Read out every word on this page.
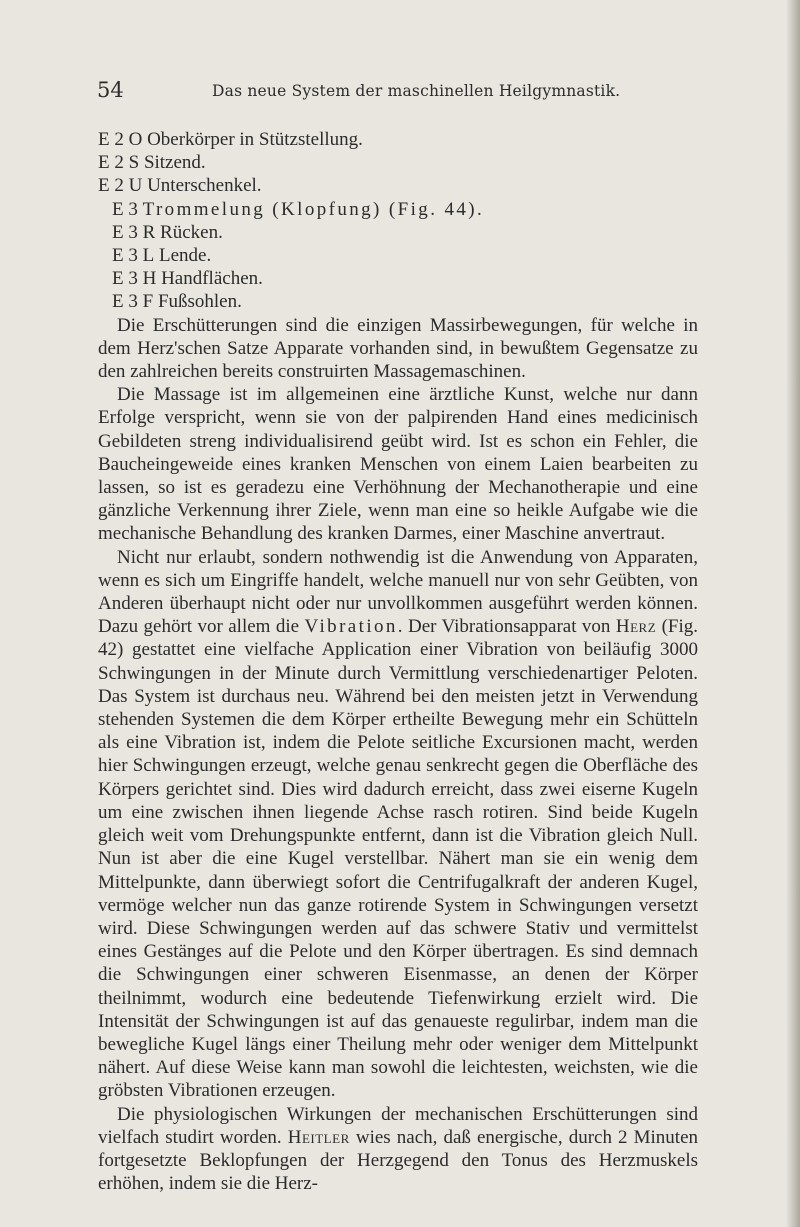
54	Das neue System der maschinellen Heilgymnastik.
E 2 O Oberkörper in Stützstellung.
E 2 S Sitzend.
E 2 U Unterschenkel.
E 3 Trommelung (Klopfung) (Fig. 44).
E 3 R Rücken.
E 3 L Lende.
E 3 H Handflächen.
E 3 F Fußsohlen.

Die Erschütterungen sind die einzigen Massirbewegungen, für welche in dem Herz'schen Satze Apparate vorhanden sind, in bewußtem Gegensatze zu den zahlreichen bereits construirten Massagemaschinen.

Die Massage ist im allgemeinen eine ärztliche Kunst, welche nur dann Erfolge verspricht, wenn sie von der palpirenden Hand eines medicinisch Gebildeten streng individualisirend geübt wird. Ist es schon ein Fehler, die Baucheingeweide eines kranken Menschen von einem Laien bearbeiten zu lassen, so ist es geradezu eine Verhöhnung der Mechanotherapie und eine gänzliche Verkennung ihrer Ziele, wenn man eine so heikle Aufgabe wie die mechanische Behandlung des kranken Darmes, einer Maschine anvertraut.

Nicht nur erlaubt, sondern nothwendig ist die Anwendung von Apparaten, wenn es sich um Eingriffe handelt, welche manuell nur von sehr Geübten, von Anderen überhaupt nicht oder nur unvollkommen ausgeführt werden können. Dazu gehört vor allem die Vibration. Der Vibrationsapparat von Herz (Fig. 42) gestattet eine vielfache Application einer Vibration von beiläufig 3000 Schwingungen in der Minute durch Vermittlung verschiedenartiger Peloten. Das System ist durchaus neu. Während bei den meisten jetzt in Verwendung stehenden Systemen die dem Körper ertheilte Bewegung mehr ein Schütteln als eine Vibration ist, indem die Pelote seitliche Excursionen macht, werden hier Schwingungen erzeugt, welche genau senkrecht gegen die Oberfläche des Körpers gerichtet sind. Dies wird dadurch erreicht, dass zwei eiserne Kugeln um eine zwischen ihnen liegende Achse rasch rotiren. Sind beide Kugeln gleich weit vom Drehungspunkte entfernt, dann ist die Vibration gleich Null. Nun ist aber die eine Kugel verstellbar. Nähert man sie ein wenig dem Mittelpunkte, dann überwiegt sofort die Centrifugalkraft der anderen Kugel, vermöge welcher nun das ganze rotirende System in Schwingungen versetzt wird. Diese Schwingungen werden auf das schwere Stativ und vermittelst eines Gestänges auf die Pelote und den Körper übertragen. Es sind demnach die Schwingungen einer schweren Eisenmasse, an denen der Körper theilnimmt, wodurch eine bedeutende Tiefenwirkung erzielt wird. Die Intensität der Schwingungen ist auf das genaueste regulirbar, indem man die bewegliche Kugel längs einer Theilung mehr oder weniger dem Mittelpunkt nähert. Auf diese Weise kann man sowohl die leichtesten, weichsten, wie die gröbsten Vibrationen erzeugen.

Die physiologischen Wirkungen der mechanischen Erschütterungen sind vielfach studirt worden. Heitler wies nach, daß energische, durch 2 Minuten fortgesetzte Beklopfungen der Herzgegend den Tonus des Herzmuskels erhöhen, indem sie die Herz-
